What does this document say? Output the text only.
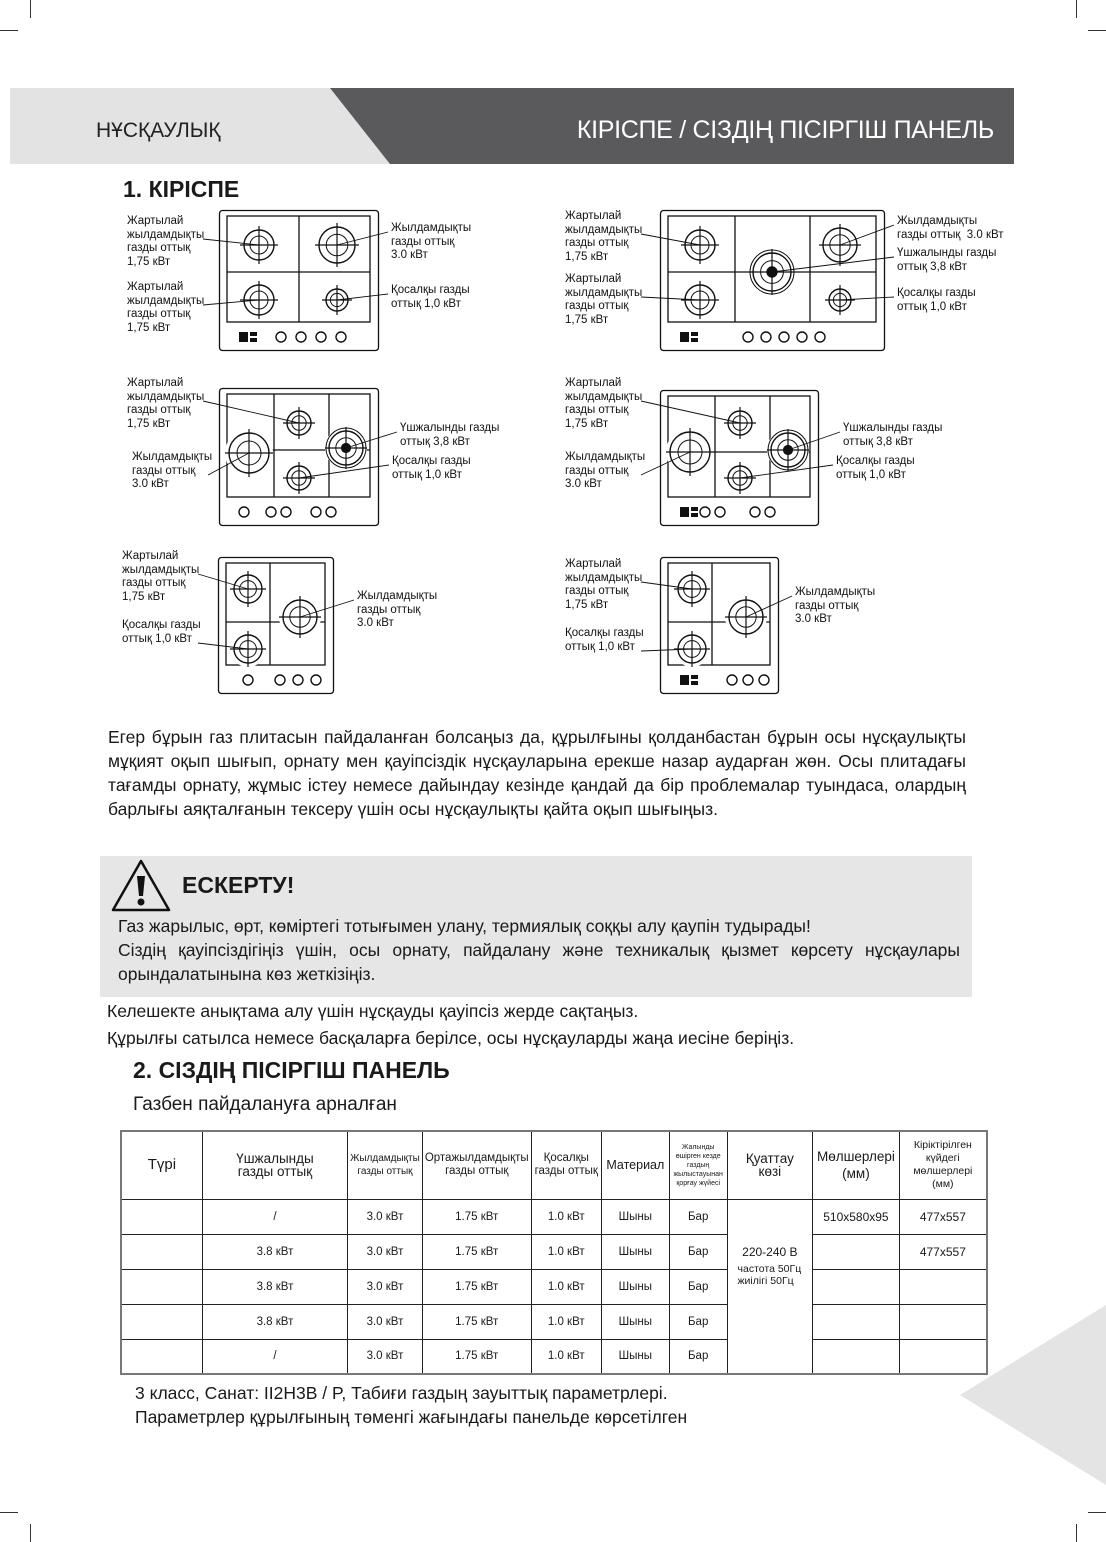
НҰСҚАУЛЫҚ	КІРІСПЕ / СІЗДІҢ ПІСІРГІШ ПАНЕЛЬ
1. КІРІСПЕ
Жартылай
жылдамдықты
газды оттық
1,75 кВт
Жартылай
жылдамдықты
газды оттық
1,75 кВт
Жылдамдықты
газды оттық
3.0 кВт
Қосалқы газды
оттық 1,0 кВт
Жартылай
жылдамдықты
газды оттық
1,75 кВт
Жартылай
жылдамдықты
газды оттық
1,75 кВт
Жылдамдықты
газды оттық  3.0 кВт
Үшжалынды газды
оттық 3,8 кВт
Қосалқы газды
оттық 1,0 кВт
Жартылай
жылдамдықты
газды оттық
1,75 кВт
Жылдамдықты
газды оттық
3.0 кВт
Үшжалынды газды
оттық 3,8 кВт
Қосалқы газды
оттық 1,0 кВт
Жартылай
жылдамдықты
газды оттық
1,75 кВт
Жылдамдықты
газды оттық
3.0 кВт
Үшжалынды газды
оттық 3,8 кВт
Қосалқы газды
оттық 1,0 кВт
Жартылай
жылдамдықты
газды оттық
1,75 кВт
Қосалқы газды
оттық 1,0 кВт
Жылдамдықты
газды оттық
3.0 кВт
Жартылай
жылдамдықты
газды оттық
1,75 кВт
Қосалқы газды
оттық 1,0 кВт
Жылдамдықты
газды оттық
3.0 кВт
Егер бұрын газ плитасын пайдаланған болсаңыз да, құрылғыны қолданбастан бұрын осы нұсқаулықты мұқият оқып шығып, орнату мен қауіпсіздік нұсқауларына ерекше назар аударған жөн. Осы плитадағы тағамды орнату, жұмыс істеу немесе дайындау кезінде қандай да бір проблемалар туындаса, олардың барлығы аяқталғанын тексеру үшін осы нұсқаулықты қайта оқып шығыңыз.
ЕСКЕРТУ!
Газ жарылыс, өрт, көміртегі тотығымен улану, термиялық соққы алу қаупін тудырады!
Сіздің қауіпсіздігіңіз үшін, осы орнату, пайдалану және техникалық қызмет көрсету нұсқаулары орындалатынына көз жеткізіңіз.
Келешекте анықтама алу үшін нұсқауды қауіпсіз жерде сақтаңыз.
Құрылғы сатылса немесе басқаларға берілсе, осы нұсқауларды жаңа иесіне беріңіз.
2. СІЗДІҢ ПІСІРГІШ ПАНЕЛЬ
Газбен пайдалануға арналған
Түрі	Үшжалынды газды оттық	Жылдамдықты газды оттық	Ортажылдамдықты газды оттық	Қосалқы газды оттық	Материал	Жалынды өшірген кезде газдың жылыстауынан қорғау жүйесі	Қуаттау көзі	Мөлшерлері (мм)	Кіріктірілген күйдегі мөлшерлері (мм)
	/	3.0 кВт	1.75 кВт	1.0 кВт	Шыны	Бар	220-240 В
частота 50Гц
жиілігі 50Гц	510x580x95	477x557
	3.8 кВт	3.0 кВт	1.75 кВт	1.0 кВт	Шыны	Бар			477x557
	3.8 кВт	3.0 кВт	1.75 кВт	1.0 кВт	Шыны	Бар			
	3.8 кВт	3.0 кВт	1.75 кВт	1.0 кВт	Шыны	Бар			
	/	3.0 кВт	1.75 кВт	1.0 кВт	Шыны	Бар			
3 класс, Санат: II2H3B / P, Табиғи газдың зауыттық параметрлері.
Параметрлер құрылғының төменгі жағындағы панельде көрсетілген
